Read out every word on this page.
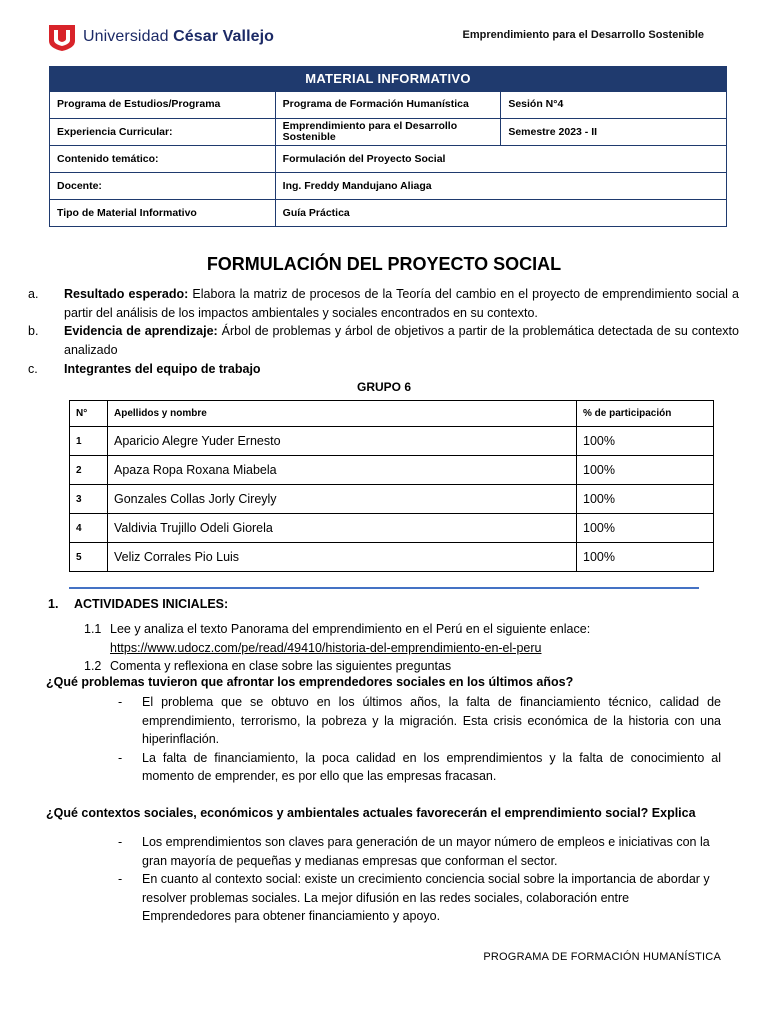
Universidad César Vallejo	Emprendimiento para el Desarrollo Sostenible
MATERIAL INFORMATIVO		
Programa de Estudios/Programa	Programa de Formación Humanística	Sesión N°4
Experiencia Curricular:	Emprendimiento para el Desarrollo Sostenible	Semestre 2023 - II
Contenido temático:	Formulación del Proyecto Social	
Docente:	Ing. Freddy Mandujano Aliaga	
Tipo de Material Informativo	Guía Práctica	
FORMULACIÓN DEL PROYECTO SOCIAL
a. Resultado esperado: Elabora la matriz de procesos de la Teoría del cambio en el proyecto de emprendimiento social a partir del análisis de los impactos ambientales y sociales encontrados en su contexto.
b. Evidencia de aprendizaje: Árbol de problemas y árbol de objetivos a partir de la problemática detectada de su contexto analizado
c. Integrantes del equipo de trabajo
GRUPO 6
N°	Apellidos y nombre	% de participación
1	Aparicio Alegre Yuder Ernesto	100%
2	Apaza Ropa Roxana Miabela	100%
3	Gonzales Collas Jorly Cireyly	100%
4	Valdivia Trujillo Odeli Giorela	100%
5	Veliz Corrales Pio Luis	100%
1. ACTIVIDADES INICIALES:
1.1 Lee y analiza el texto Panorama del emprendimiento en el Perú en el siguiente enlace:
https://www.udocz.com/pe/read/49410/historia-del-emprendimiento-en-el-peru
1.2 Comenta y reflexiona en clase sobre las siguientes preguntas
¿Qué problemas tuvieron que afrontar los emprendedores sociales en los últimos años?
- El problema que se obtuvo en los últimos años, la falta de financiamiento técnico, calidad de emprendimiento, terrorismo, la pobreza y la migración. Esta crisis económica de la historia con una hiperinflación.
- La falta de financiamiento, la poca calidad en los emprendimientos y la falta de conocimiento al momento de emprender, es por ello que las empresas fracasan.
¿Qué contextos sociales, económicos y ambientales actuales favorecerán el emprendimiento social? Explica
- Los emprendimientos son claves para generación de un mayor número de empleos e iniciativas con la gran mayoría de pequeñas y medianas empresas que conforman el sector.
- En cuanto al contexto social: existe un crecimiento conciencia social sobre la importancia de abordar y resolver problemas sociales. La mejor difusión en las redes sociales, colaboración entre Emprendedores para obtener financiamiento y apoyo.
PROGRAMA DE FORMACIÓN HUMANÍSTICA
